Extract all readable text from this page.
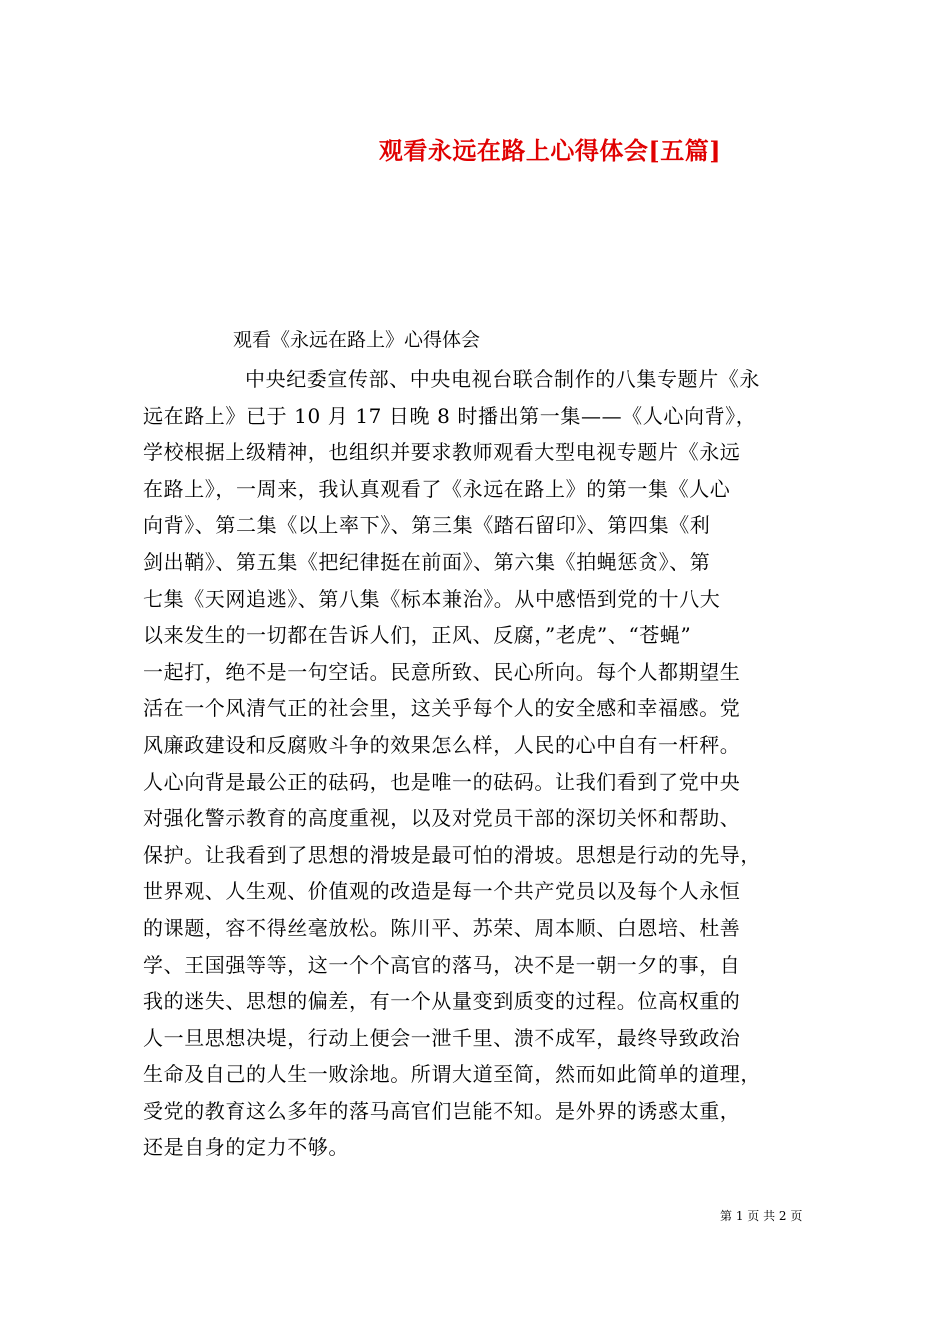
观看永远在路上心得体会[五篇]
观看《永远在路上》心得体会
中央纪委宣传部、中央电视台联合制作的八集专题片《永
远在路上》已于 10 月 17 日晚 8 时播出第一集——《人心向背》，
学校根据上级精神，也组织并要求教师观看大型电视专题片《永远
在路上》，一周来，我认真观看了《永远在路上》的第一集《人心
向背》、第二集《以上率下》、第三集《踏石留印》、第四集《利
剑出鞘》、第五集《把纪律挺在前面》、第六集《拍蝇惩贪》、第
七集《天网追逃》、第八集《标本兼治》。从中感悟到党的十八大
以来发生的一切都在告诉人们，正风、反腐，”老虎”、“苍蝇”
一起打，绝不是一句空话。民意所致、民心所向。每个人都期望生
活在一个风清气正的社会里，这关乎每个人的安全感和幸福感。党
风廉政建设和反腐败斗争的效果怎么样，人民的心中自有一杆秤。
人心向背是最公正的砝码，也是唯一的砝码。让我们看到了党中央
对强化警示教育的高度重视，以及对党员干部的深切关怀和帮助、
保护。让我看到了思想的滑坡是最可怕的滑坡。思想是行动的先导，
世界观、人生观、价值观的改造是每一个共产党员以及每个人永恒
的课题，容不得丝毫放松。陈川平、苏荣、周本顺、白恩培、杜善
学、王国强等等，这一个个高官的落马，决不是一朝一夕的事，自
我的迷失、思想的偏差，有一个从量变到质变的过程。位高权重的
人一旦思想决堤，行动上便会一泄千里、溃不成军，最终导致政治
生命及自己的人生一败涂地。所谓大道至简，然而如此简单的道理，
受党的教育这么多年的落马高官们岂能不知。是外界的诱惑太重，
还是自身的定力不够。
第 1 页 共 2 页
